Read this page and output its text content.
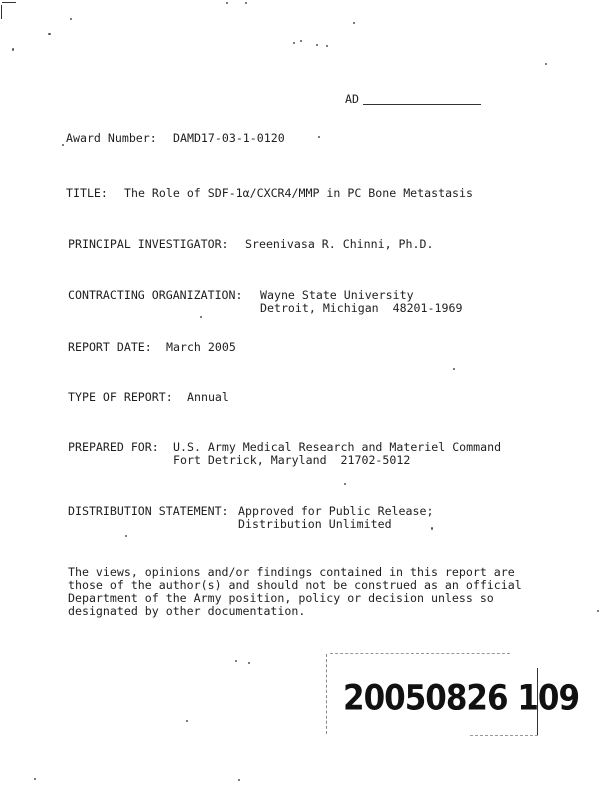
AD
Award Number: DAMD17-03-1-0120
TITLE: The Role of SDF-1α/CXCR4/MMP in PC Bone Metastasis
PRINCIPAL INVESTIGATOR: Sreenivasa R. Chinni, Ph.D.
CONTRACTING ORGANIZATION: Wayne State University
Detroit, Michigan  48201-1969
REPORT DATE: March 2005
TYPE OF REPORT: Annual
PREPARED FOR: U.S. Army Medical Research and Materiel Command
Fort Detrick, Maryland  21702-5012
DISTRIBUTION STATEMENT: Approved for Public Release;
Distribution Unlimited
The views, opinions and/or findings contained in this report are
those of the author(s) and should not be construed as an official
Department of the Army position, policy or decision unless so
designated by other documentation.
20050826 109
